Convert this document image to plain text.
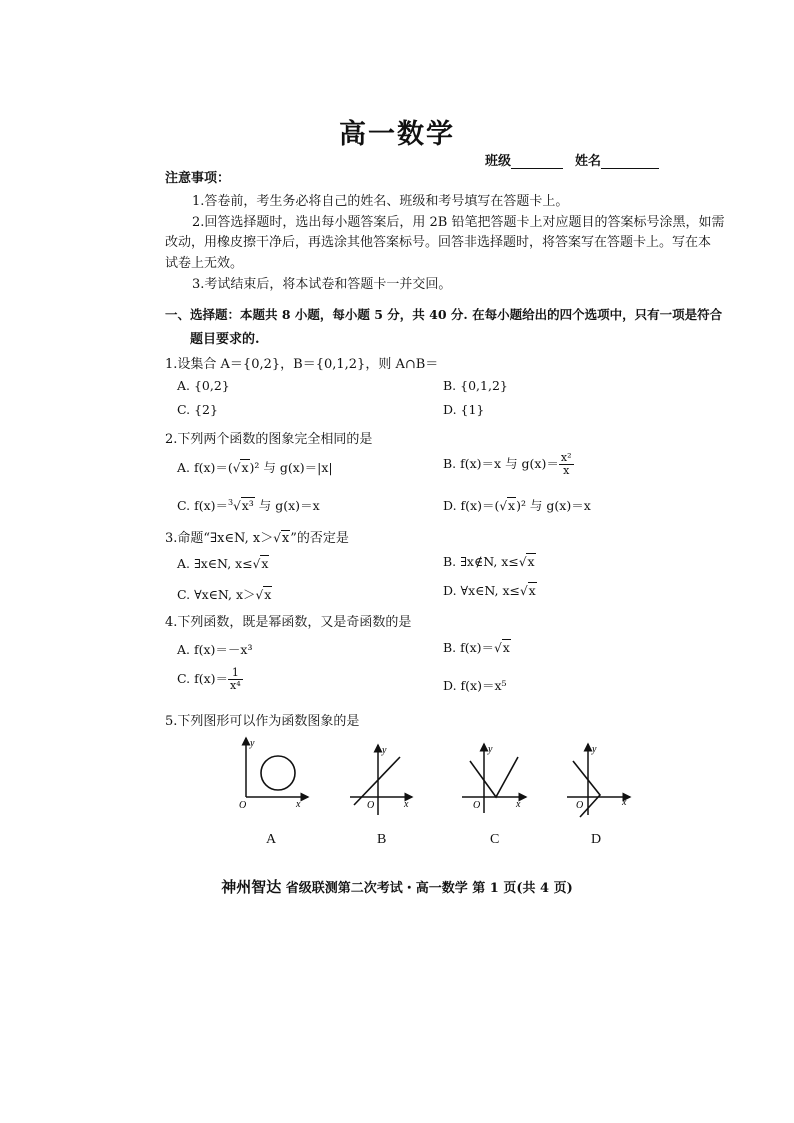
高一数学
班级	姓名
注意事项：
1.答卷前，考生务必将自己的姓名、班级和考号填写在答题卡上。
2.回答选择题时，选出每小题答案后，用 2B 铅笔把答题卡上对应题目的答案标号涂黑，如需
改动，用橡皮擦干净后，再选涂其他答案标号。回答非选择题时，将答案写在答题卡上。写在本
试卷上无效。
3.考试结束后，将本试卷和答题卡一并交回。
一、选择题：本题共 8 小题，每小题 5 分，共 40 分. 在每小题给出的四个选项中，只有一项是符合
题目要求的.
1.设集合 A＝{0,2}，B＝{0,1,2}，则 A∩B＝
A. {0,2}	B. {0,1,2}
C. {2}	D. {1}
2.下列两个函数的图象完全相同的是
A. f(x)＝(√x)² 与 g(x)＝|x|	B. f(x)＝x 与 $g(x)= \frac{\text{x²}}{x}$
C. f(x)＝$^3$√x³ 与 g(x)＝x	D. f(x)＝(√x)² 与 g(x)＝x
3.命题“∃x∈N, x＞√x”的否定是
A. ∃x∈N, x≤√x	B. ∃x∉N, x≤√x
C. ∀x∈N, x＞√x	D. ∀x∈N, x≤√x
4.下列函数，既是幂函数，又是奇函数的是
A. f(x)＝－x³	B. f(x)＝√x
C. $f(x)= \frac{1}{\text{x⁴}}$	D. f(x)＝x⁵
5.下列图形可以作为函数图象的是
O	x
y
O	x
y
O	x
y
O	x
y
A	B	C	D
神州智达 省级联测第二次考试・高一数学 第 1 页(共 4 页)
